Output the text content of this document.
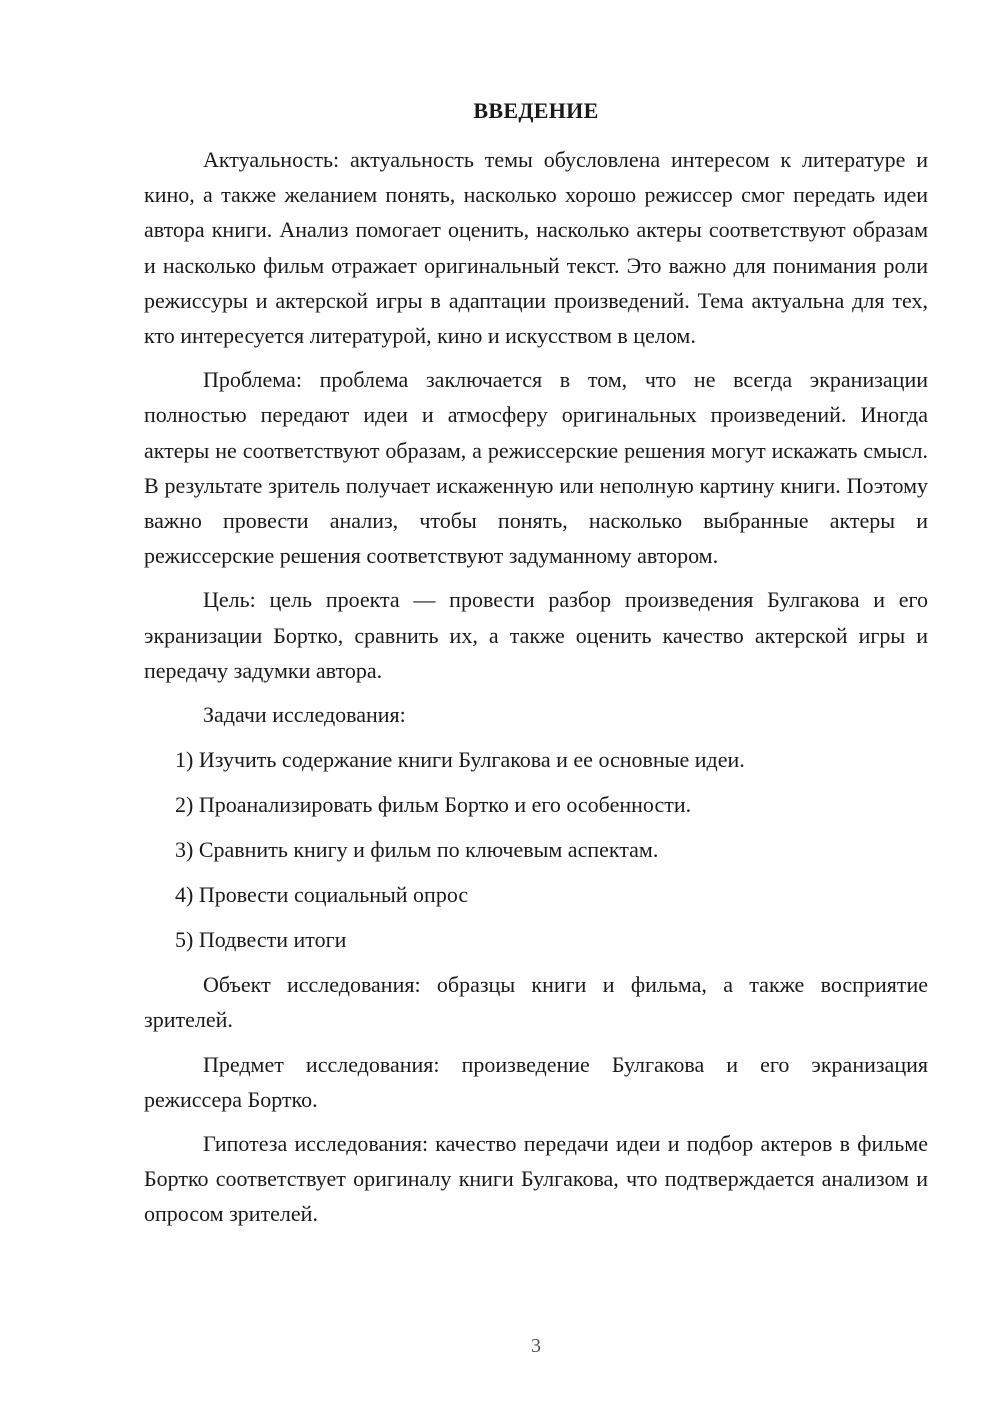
ВВЕДЕНИЕ

Актуальность: актуальность темы обусловлена интересом к литературе и кино, а также желанием понять, насколько хорошо режиссер смог передать идеи автора книги. Анализ помогает оценить, насколько актеры соответствуют образам и насколько фильм отражает оригинальный текст. Это важно для понимания роли режиссуры и актерской игры в адаптации произведений. Тема актуальна для тех, кто интересуется литературой, кино и искусством в целом.

Проблема: проблема заключается в том, что не всегда экранизации полностью передают идеи и атмосферу оригинальных произведений. Иногда актеры не соответствуют образам, а режиссерские решения могут искажать смысл. В результате зритель получает искаженную или неполную картину книги. Поэтому важно провести анализ, чтобы понять, насколько выбранные актеры и режиссерские решения соответствуют задуманному автором.

Цель: цель проекта — провести разбор произведения Булгакова и его экранизации Бортко, сравнить их, а также оценить качество актерской игры и передачу задумки автора.

Задачи исследования:

1) Изучить содержание книги Булгакова и ее основные идеи.
2) Проанализировать фильм Бортко и его особенности.
3) Сравнить книгу и фильм по ключевым аспектам.
4) Провести социальный опрос
5) Подвести итоги

Объект исследования: образцы книги и фильма, а также восприятие зрителей.

Предмет исследования: произведение Булгакова и его экранизация режиссера Бортко.

Гипотеза исследования: качество передачи идеи и подбор актеров в фильме Бортко соответствует оригиналу книги Булгакова, что подтверждается анализом и опросом зрителей.

3
